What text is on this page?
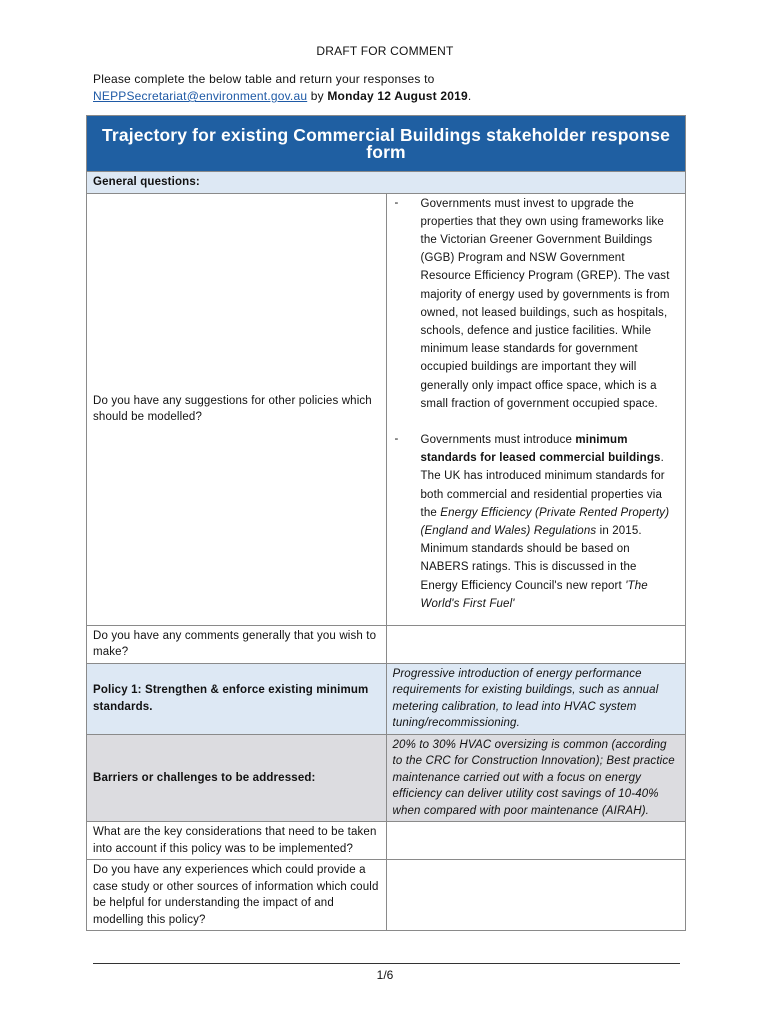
DRAFT FOR COMMENT
Please complete the below table and return your responses to
NEPPSecretariat@environment.gov.au by Monday 12 August 2019.
Trajectory for existing Commercial Buildings stakeholder response form	
General questions:	
Do you have any suggestions for other policies which should be modelled?	- Governments must invest to upgrade the properties that they own using frameworks like the Victorian Greener Government Buildings (GGB) Program and NSW Government Resource Efficiency Program (GREP). The vast majority of energy used by governments is from owned, not leased buildings, such as hospitals, schools, defence and justice facilities. While minimum lease standards for government occupied buildings are important they will generally only impact office space, which is a small fraction of government occupied space.
- Governments must introduce minimum standards for leased commercial buildings. The UK has introduced minimum standards for both commercial and residential properties via the Energy Efficiency (Private Rented Property) (England and Wales) Regulations in 2015. Minimum standards should be based on NABERS ratings. This is discussed in the Energy Efficiency Council's new report 'The World's First Fuel'

Do you have any comments generally that you wish to make?	
Policy 1: Strengthen & enforce existing minimum standards.	Progressive introduction of energy performance requirements for existing buildings, such as annual metering calibration, to lead into HVAC system tuning/recommissioning.
Barriers or challenges to be addressed:	20% to 30% HVAC oversizing is common (according to the CRC for Construction Innovation); Best practice maintenance carried out with a focus on energy efficiency can deliver utility cost savings of 10-40% when compared with poor maintenance (AIRAH).
What are the key considerations that need to be taken into account if this policy was to be implemented?	
Do you have any experiences which could provide a case study or other sources of information which could be helpful for understanding the impact of and modelling this policy?	
1/6
